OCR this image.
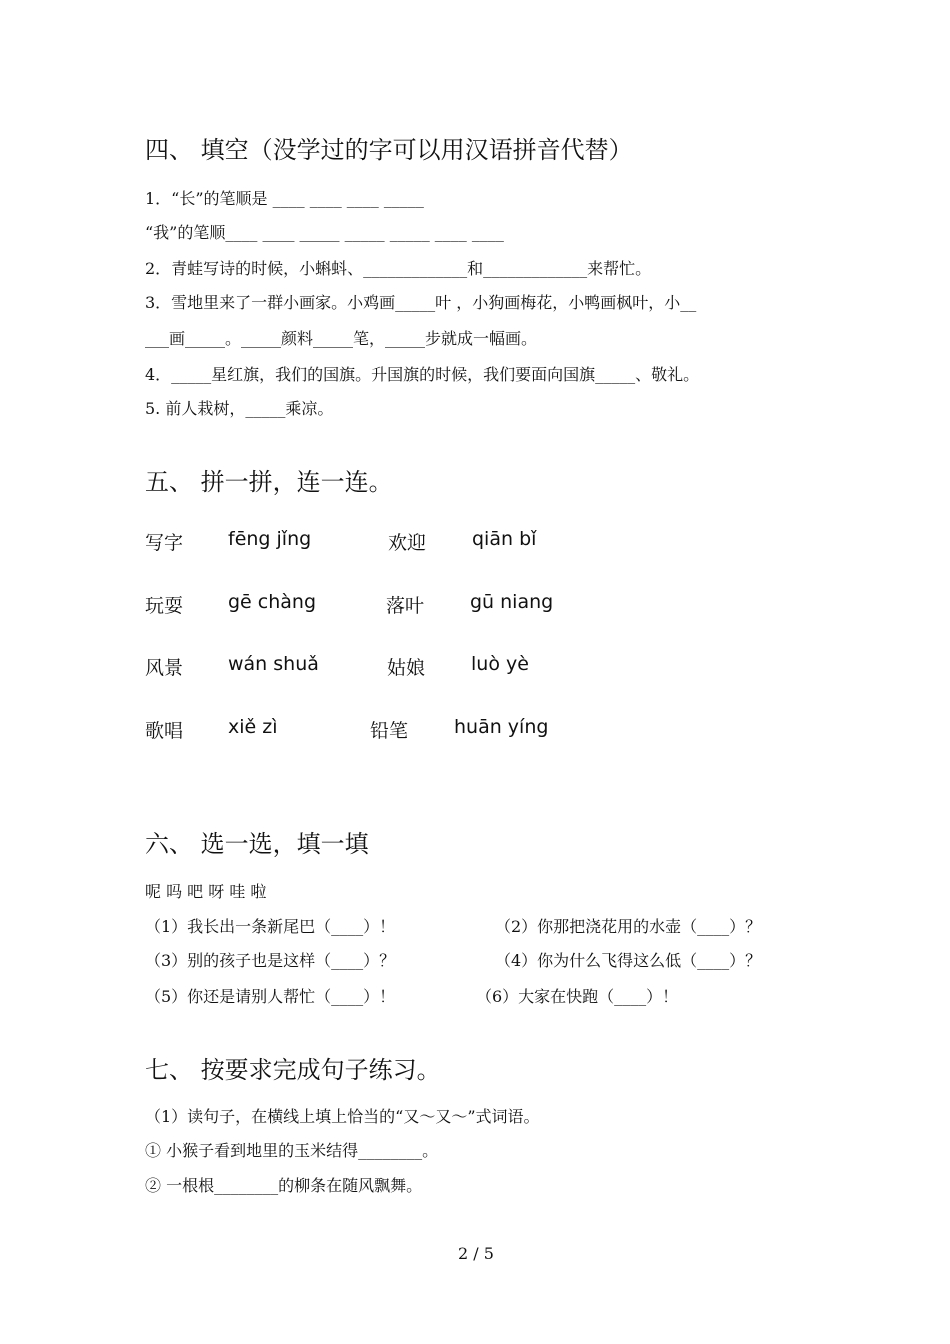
四、 填空（没学过的字可以用汉语拼音代替）
1．“长”的笔顺是 ____ ____ ____ _____
“我”的笔顺____ ____ _____ _____ _____ ____ ____
2．青蛙写诗的时候，小蝌蚪、_____________和_____________来帮忙。
3．雪地里来了一群小画家。小鸡画_____叶 ，小狗画梅花，小鸭画枫叶，小__
___画_____。_____颜料_____笔，_____步就成一幅画。
4．_____星红旗，我们的国旗。升国旗的时候，我们要面向国旗_____、敬礼。
5. 前人栽树，_____乘凉。
五、 拼一拼，连一连。
写字 fēng jǐng	欢迎 qiān bǐ
玩耍 gē chàng	落叶 gū niang
风景 wán shuǎ	姑娘 luò yè
歌唱 xiě zì	铅笔 huān yíng
六、 选一选，填一填
呢 吗 吧 呀 哇 啦
（1）我长出一条新尾巴（____）！	（2）你那把浇花用的水壶（____）？
（3）别的孩子也是这样（____）？	（4）你为什么飞得这么低（____）？
（5）你还是请别人帮忙（____）！	（6）大家在快跑（____）！
七、 按要求完成句子练习。
（1）读句子，在横线上填上恰当的“又～又～”式词语。
① 小猴子看到地里的玉米结得________。
② 一根根________的柳条在随风飘舞。
2 / 5
